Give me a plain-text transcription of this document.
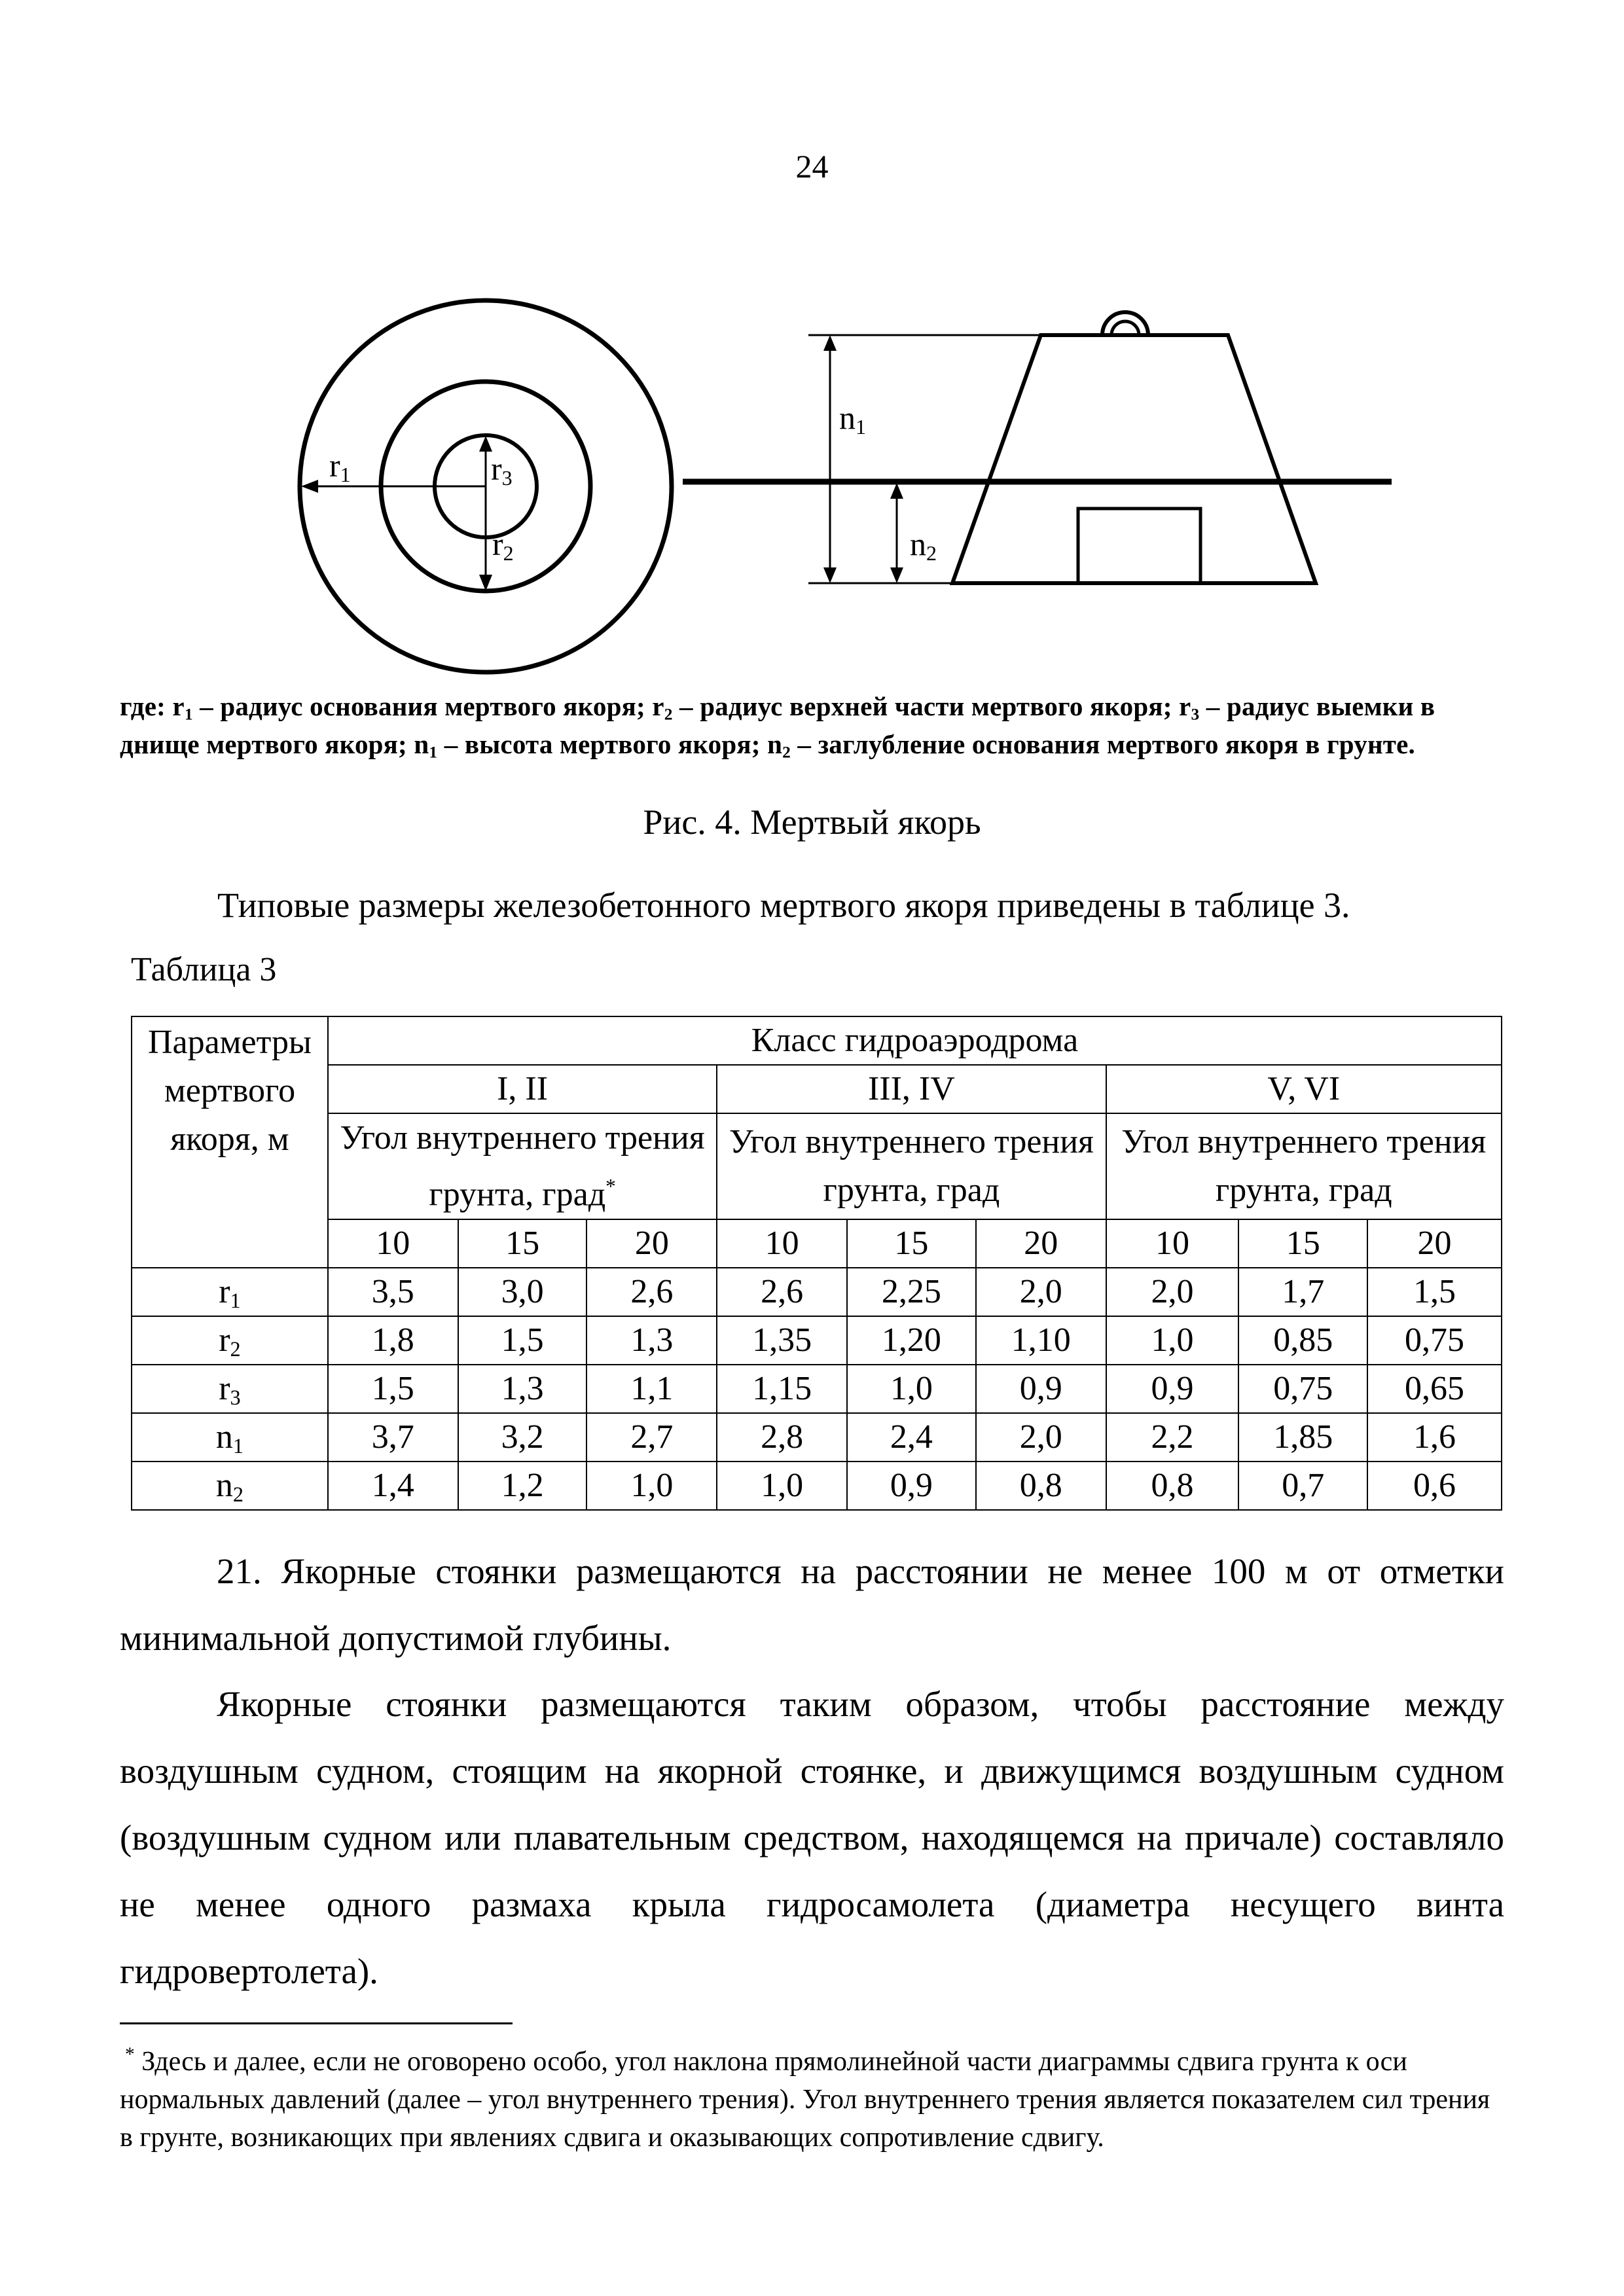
24
r1	r3
r2
n1
n2
где: $r_1$ – радиус основания мертвого якоря; $r_2$ – радиус верхней части мертвого якоря; $r_3$ – радиус выемки в днище мертвого якоря; $n_1$ – высота мертвого якоря; $n_2$ – заглубление основания мертвого якоря в грунте.
Рис. 4. Мертвый якорь
Типовые размеры железобетонного мертвого якоря приведены в таблице 3.
Таблица 3
Параметры мертвого якоря, м	Класс гидроаэродрома								
	I, II			III, IV			V, VI		
	Угол внутреннего трения грунта, град*			Угол внутреннего трения грунта, град			Угол внутреннего трения грунта, град		
	10	15	20	10	15	20	10	15	20
$r_1$	3,5	3,0	2,6	2,6	2,25	2,0	2,0	1,7	1,5
$r_2$	1,8	1,5	1,3	1,35	1,20	1,10	1,0	0,85	0,75
$r_3$	1,5	1,3	1,1	1,15	1,0	0,9	0,9	0,75	0,65
$n_1$	3,7	3,2	2,7	2,8	2,4	2,0	2,2	1,85	1,6
$n_2$	1,4	1,2	1,0	1,0	0,9	0,8	0,8	0,7	0,6
21. Якорные стоянки размещаются на расстоянии не менее 100 м от отметки минимальной допустимой глубины.
Якорные стоянки размещаются таким образом, чтобы расстояние между воздушным судном, стоящим на якорной стоянке, и движущимся воздушным судном (воздушным судном или плавательным средством, находящемся на причале) составляло не менее одного размаха крыла гидросамолета (диаметра несущего винта гидровертолета).
* Здесь и далее, если не оговорено особо, угол наклона прямолинейной части диаграммы сдвига грунта к оси нормальных давлений (далее – угол внутреннего трения). Угол внутреннего трения является показателем сил трения в грунте, возникающих при явлениях сдвига и оказывающих сопротивление сдвигу.
